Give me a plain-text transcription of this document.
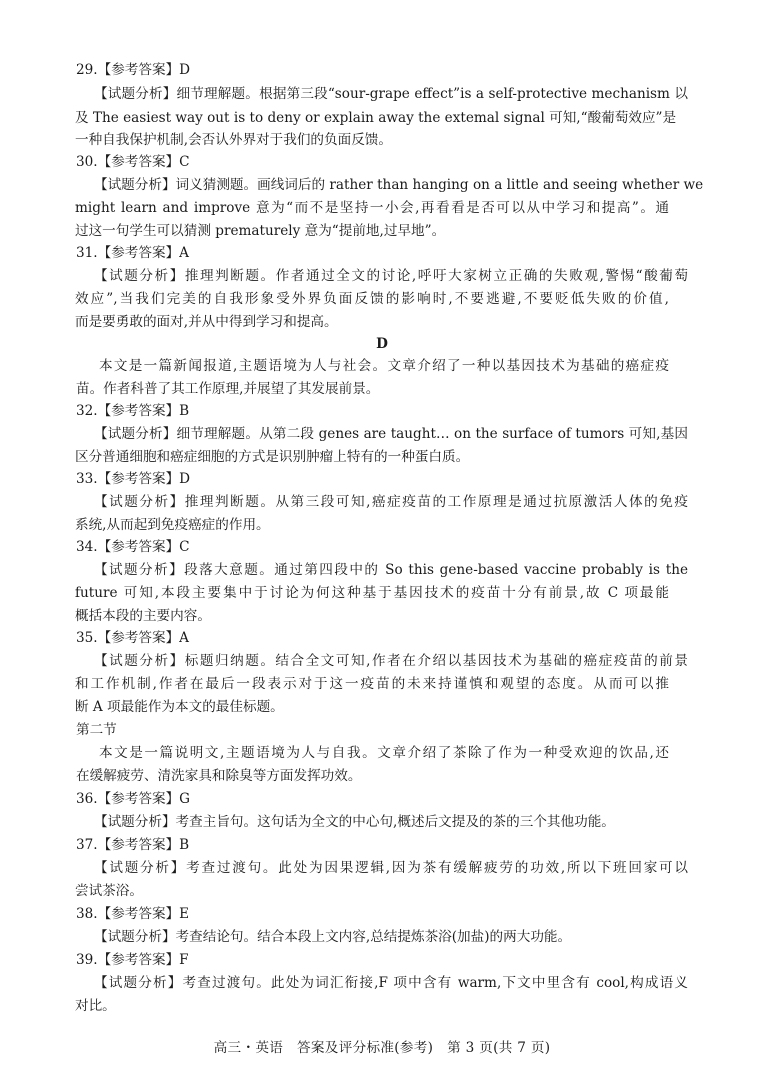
29.【参考答案】D
【试题分析】细节理解题。根据第三段“sour-grape effect”is a self-protective mechanism 以
及 The easiest way out is to deny or explain away the extemal signal 可知,“酸葡萄效应”是
一种自我保护机制,会否认外界对于我们的负面反馈。
30.【参考答案】C
【试题分析】词义猜测题。画线词后的 rather than hanging on a little and seeing whether we
might learn and improve 意为“而不是坚持一小会,再看看是否可以从中学习和提高”。通
过这一句学生可以猜测 prematurely 意为“提前地,过早地”。
31.【参考答案】A
【试题分析】推理判断题。作者通过全文的讨论,呼吁大家树立正确的失败观,警惕“酸葡萄
效应”,当我们完美的自我形象受外界负面反馈的影响时,不要逃避,不要贬低失败的价值,
而是要勇敢的面对,并从中得到学习和提高。
D
本文是一篇新闻报道,主题语境为人与社会。文章介绍了一种以基因技术为基础的癌症疫
苗。作者科普了其工作原理,并展望了其发展前景。
32.【参考答案】B
【试题分析】细节理解题。从第二段 genes are taught… on the surface of tumors 可知,基因
区分普通细胞和癌症细胞的方式是识别肿瘤上特有的一种蛋白质。
33.【参考答案】D
【试题分析】推理判断题。从第三段可知,癌症疫苗的工作原理是通过抗原激活人体的免疫
系统,从而起到免疫癌症的作用。
34.【参考答案】C
【试题分析】段落大意题。通过第四段中的 So this gene-based vaccine probably is the
future 可知,本段主要集中于讨论为何这种基于基因技术的疫苗十分有前景,故 C 项最能
概括本段的主要内容。
35.【参考答案】A
【试题分析】标题归纳题。结合全文可知,作者在介绍以基因技术为基础的癌症疫苗的前景
和工作机制,作者在最后一段表示对于这一疫苗的未来持谨慎和观望的态度。从而可以推
断 A 项最能作为本文的最佳标题。
第二节
本文是一篇说明文,主题语境为人与自我。文章介绍了茶除了作为一种受欢迎的饮品,还
在缓解疲劳、清洗家具和除臭等方面发挥功效。
36.【参考答案】G
【试题分析】考查主旨句。这句话为全文的中心句,概述后文提及的茶的三个其他功能。
37.【参考答案】B
【试题分析】考查过渡句。此处为因果逻辑,因为茶有缓解疲劳的功效,所以下班回家可以
尝试茶浴。
38.【参考答案】E
【试题分析】考查结论句。结合本段上文内容,总结提炼茶浴(加盐)的两大功能。
39.【参考答案】F
【试题分析】考查过渡句。此处为词汇衔接,F 项中含有 warm,下文中里含有 cool,构成语义
对比。
高三・英语　答案及评分标准(参考)　第 3 页(共 7 页)
